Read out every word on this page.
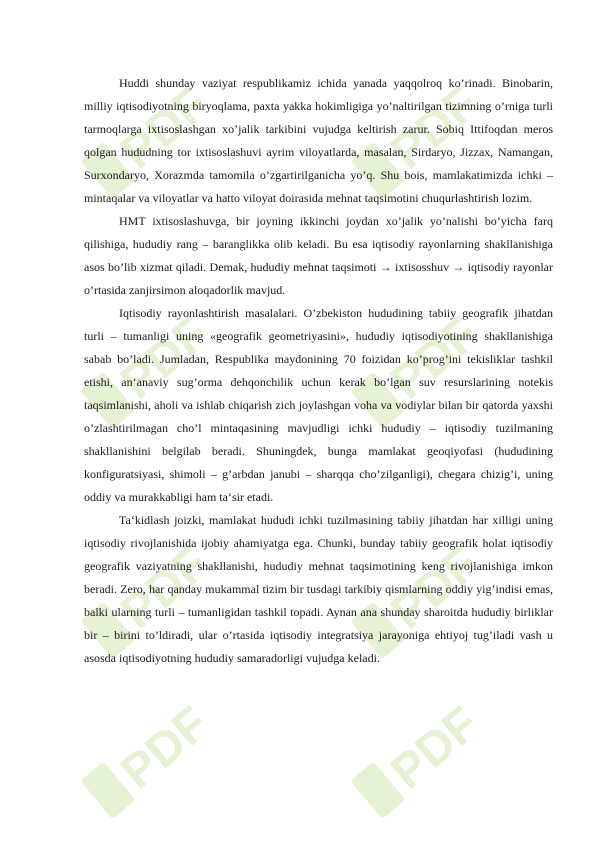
PDF	PDF
PDF	PDF
PDF	PDF
PDF	PDF

Huddi shunday vaziyat respublikamiz ichida yanada yaqqolroq ko’rinadi. Binobarin, milliy iqtisodiyotning biryoqlama, paxta yakka hokimligiga yo’naltirilgan tizimning o’rniga turli tarmoqlarga ixtisoslashgan xo’jalik tarkibini vujudga keltirish zarur. Sobiq Ittifoqdan meros qolgan hududning tor ixtisoslashuvi ayrim viloyatlarda, masalan, Sirdaryo, Jizzax, Namangan, Surxondaryo, Xorazmda tamomila o’zgartirilganicha yo’q. Shu bois, mamlakatimizda ichki – mintaqalar va viloyatlar va hatto viloyat doirasida mehnat taqsimotini chuqurlashtirish lozim.

HMT ixtisoslashuvga, bir joyning ikkinchi joydan xo’jalik yo’nalishi bo’yicha farq qilishiga, hududiy rang – baranglikka olib keladi. Bu esa iqtisodiy rayonlarning shakllanishiga asos bo’lib xizmat qiladi. Demak, hududiy mehnat taqsimoti → ixtisosshuv → iqtisodiy rayonlar o’rtasida zanjirsimon aloqadorlik mavjud.

Iqtisodiy rayonlashtirish masalalari. O’zbekiston hududining tabiiy geografik jihatdan turli – tumanligi uning «geografik geometriyasini», hududiy iqtisodiyotining shakllanishiga sabab bo’ladi. Jumladan, Respublika maydonining 70 foizidan ko’prog’ini tekisliklar tashkil etishi, an‘anaviy sug’orma dehqonchilik uchun kerak bo’lgan suv resurslarining notekis taqsimlanishi, aholi va ishlab chiqarish zich joylashgan voha va vodiylar bilan bir qatorda yaxshi o’zlashtirilmagan cho’l mintaqasining mavjudligi ichki hududiy – iqtisodiy tuzilmaning shakllanishini belgilab beradi. Shuningdek, bunga mamlakat geoqiyofasi (hududining konfiguratsiyasi, shimoli – g’arbdan janubi – sharqqa cho’zilganligi), chegara chizig’i, uning oddiy va murakkabligi ham ta‘sir etadi.

Ta‘kidlash joizki, mamlakat hududi ichki tuzilmasining tabiiy jihatdan har xilligi uning iqtisodiy rivojlanishida ijobiy ahamiyatga ega. Chunki, bunday tabiiy geografik holat iqtisodiy geografik vaziyatning shakllanishi, hududiy mehnat taqsimotining keng rivojlanishiga imkon beradi. Zero, har qanday mukammal tizim bir tusdagi tarkibiy qismlarning oddiy yig’indisi emas, balki ularning turli – tumanligidan tashkil topadi. Aynan ana shunday sharoitda hududiy birliklar bir – birini to’ldiradi, ular o’rtasida iqtisodiy integratsiya jarayoniga ehtiyoj tug’iladi vash u asosda iqtisodiyotning hududiy samaradorligi vujudga keladi.
